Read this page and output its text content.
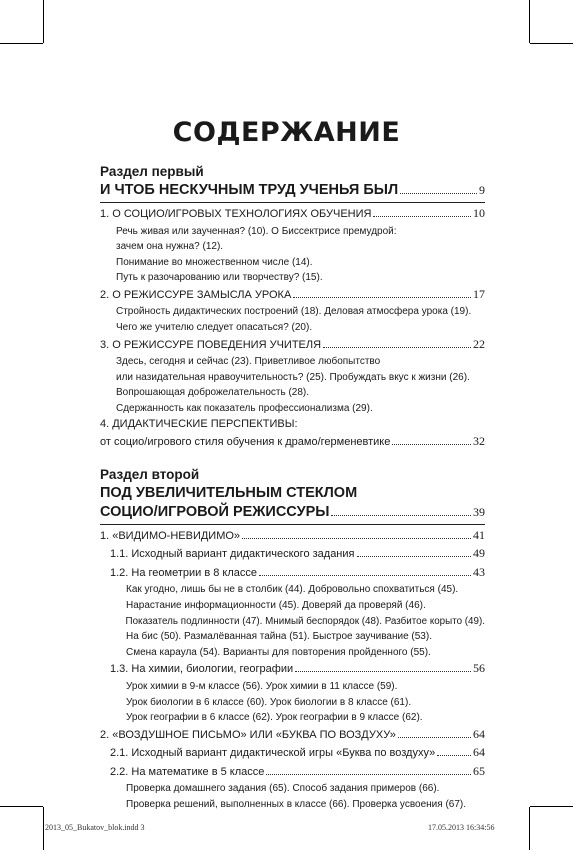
СОДЕРЖАНИЕ
Раздел первый
И ЧТОБ НЕСКУЧНЫМ ТРУД УЧЕНЬЯ БЫЛ	9
1. О СОЦИО/ИГРОВЫХ ТЕХНОЛОГИЯХ ОБУЧЕНИЯ	10
Речь живая или заученная? (10). О Биссектрисе премудрой:
зачем она нужна? (12).
Понимание во множественном числе (14).
Путь к разочарованию или творчеству? (15).
2. О РЕЖИССУРЕ ЗАМЫСЛА УРОКА	17
Стройность дидактических построений (18). Деловая атмосфера урока (19).
Чего же учителю следует опасаться? (20).
3. О РЕЖИССУРЕ ПОВЕДЕНИЯ УЧИТЕЛЯ	22
Здесь, сегодня и сейчас (23). Приветливое любопытство
или назидательная нравоучительность? (25). Пробуждать вкус к жизни (26).
Вопрошающая доброжелательность (28).
Сдержанность как показатель профессионализма (29).
4. ДИДАКТИЧЕСКИЕ ПЕРСПЕКТИВЫ:
от социо/игрового стиля обучения к драмо/герменевтике	32
Раздел второй
ПОД УВЕЛИЧИТЕЛЬНЫМ СТЕКЛОМ
СОЦИО/ИГРОВОЙ РЕЖИССУРЫ	39
1. «ВИДИМО-НЕВИДИМО»	41
1.1. Исходный вариант дидактического задания	49
1.2. На геометрии в 8 классе	43
Как угодно, лишь бы не в столбик (44). Добровольно спохватиться (45).
Нарастание информационности (45). Доверяй да проверяй (46).
Показатель подлинности (47). Мнимый беспорядок (48). Разбитое корыто (49).
На бис (50). Размалёванная тайна (51). Быстрое заучивание (53).
Смена караула (54). Варианты для повторения пройденного (55).
1.3. На химии, биологии, географии	56
Урок химии в 9-м классе (56). Урок химии в 11 классе (59).
Урок биологии в 6 классе (60). Урок биологии в 8 классе (61).
Урок географии в 6 классе (62). Урок географии в 9 классе (62).
2. «ВОЗДУШНОЕ ПИСЬМО» ИЛИ «БУКВА ПО ВОЗДУХУ»	64
2.1. Исходный вариант дидактической игры «Буква по воздуху»	64
2.2. На математике в 5 классе	65
Проверка домашнего задания (65). Способ задания примеров (66).
Проверка решений, выполненных в классе (66). Проверка усвоения (67).
2013_05_Bukatov_blok.indd 3	17.05.2013 16:34:56
